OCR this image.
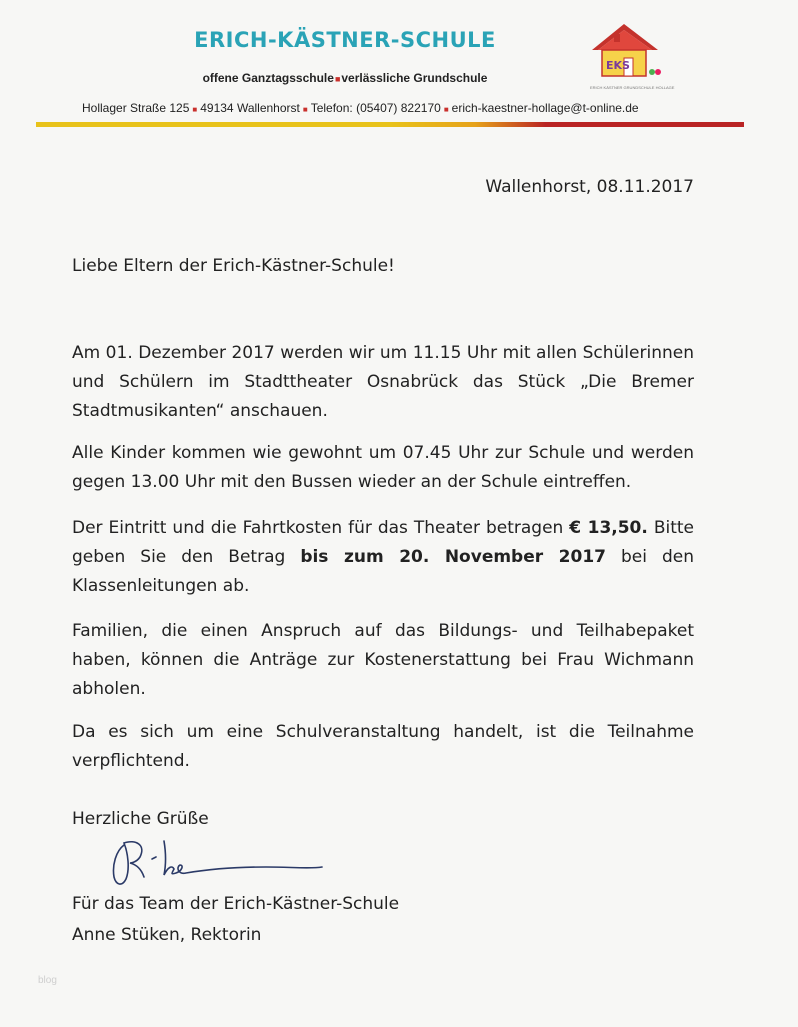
ERICH-KÄSTNER-SCHULE
offene Ganztagsschule■verlässliche Grundschule
EKS
ERICH KÄSTNER GRUNDSCHULE HOLLAGE
Hollager Straße 125 ■ 49134 Wallenhorst ■ Telefon: (05407) 822170 ■ erich-kaestner-hollage@t-online.de
Wallenhorst, 08.11.2017
Liebe Eltern der Erich-Kästner-Schule!
Am 01. Dezember 2017 werden wir um 11.15 Uhr mit allen Schülerinnen und Schülern im Stadttheater Osnabrück das Stück „Die Bremer Stadtmusikanten“ anschauen.
Alle Kinder kommen wie gewohnt um 07.45 Uhr zur Schule und werden gegen 13.00 Uhr mit den Bussen wieder an der Schule eintreffen.
Der Eintritt und die Fahrtkosten für das Theater betragen € 13,50. Bitte geben Sie den Betrag bis zum 20. November 2017 bei den Klassenleitungen ab.
Familien, die einen Anspruch auf das Bildungs- und Teilhabepaket haben, können die Anträge zur Kostenerstattung bei Frau Wichmann abholen.
Da es sich um eine Schulveranstaltung handelt, ist die Teilnahme verpflichtend.
Herzliche Grüße
Für das Team der Erich-Kästner-Schule
Anne Stüken, Rektorin
blog
